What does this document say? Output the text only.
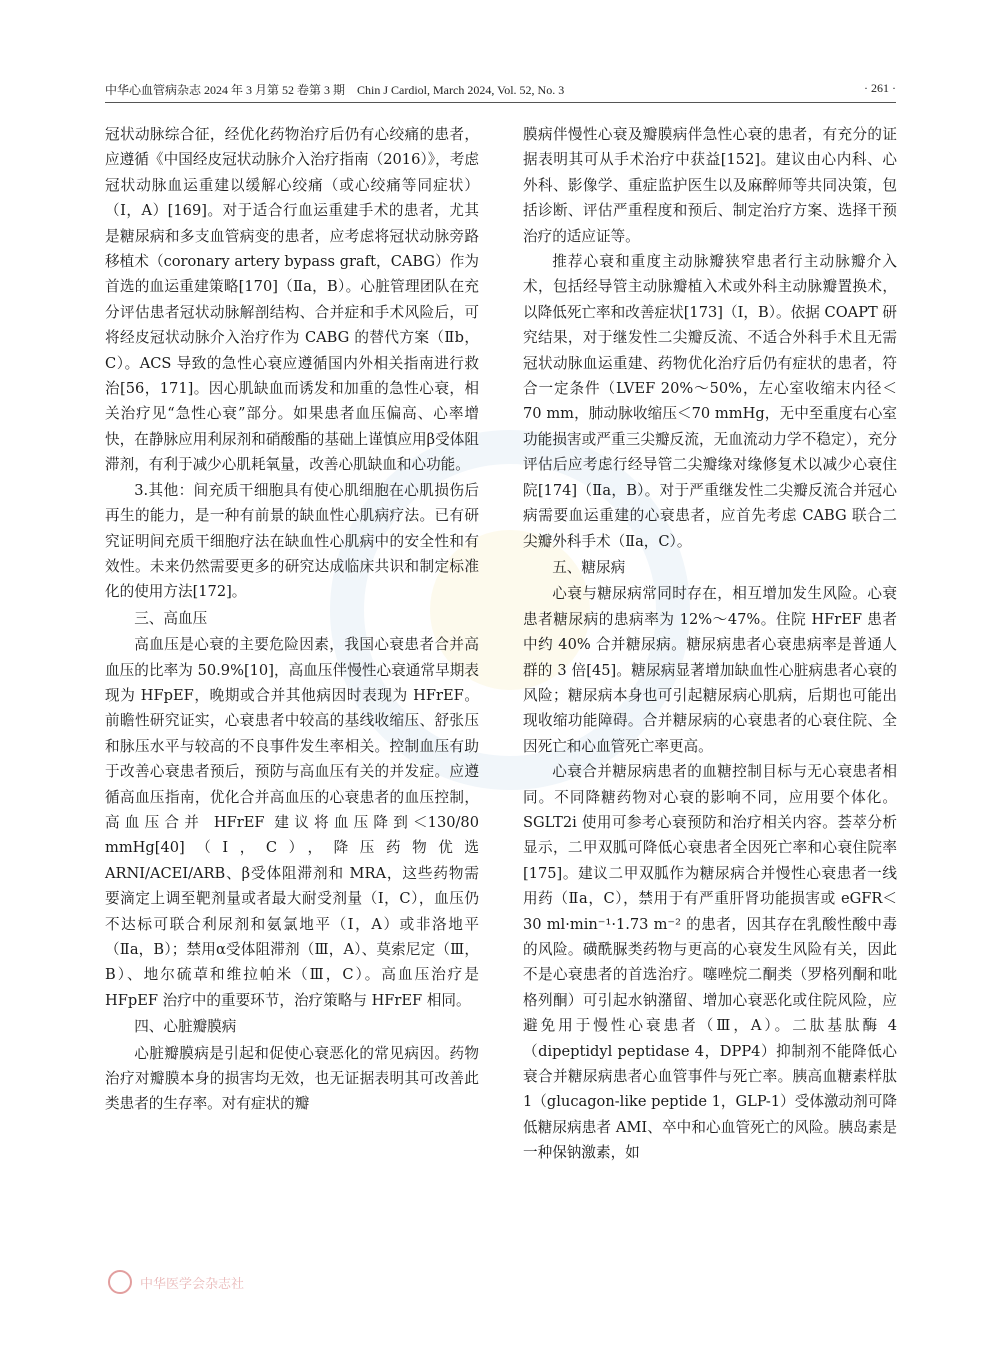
中华心血管病杂志 2024 年 3 月第 52 卷第 3 期　Chin J Cardiol, March 2024, Vol. 52, No. 3	· 261 ·

冠状动脉综合征，经优化药物治疗后仍有心绞痛的患者，应遵循《中国经皮冠状动脉介入治疗指南（2016）》，考虑冠状动脉血运重建以缓解心绞痛（或心绞痛等同症状）（Ⅰ，A）[169]。对于适合行血运重建手术的患者，尤其是糖尿病和多支血管病变的患者，应考虑将冠状动脉旁路移植术（coronary artery bypass graft，CABG）作为首选的血运重建策略[170]（Ⅱa，B）。心脏管理团队在充分评估患者冠状动脉解剖结构、合并症和手术风险后，可将经皮冠状动脉介入治疗作为 CABG 的替代方案（Ⅱb，C）。ACS 导致的急性心衰应遵循国内外相关指南进行救治[56，171]。因心肌缺血而诱发和加重的急性心衰，相关治疗见“急性心衰”部分。如果患者血压偏高、心率增快，在静脉应用利尿剂和硝酸酯的基础上谨慎应用β受体阻滞剂，有利于减少心肌耗氧量，改善心肌缺血和心功能。

3.其他：间充质干细胞具有使心肌细胞在心肌损伤后再生的能力，是一种有前景的缺血性心肌病疗法。已有研究证明间充质干细胞疗法在缺血性心肌病中的安全性和有效性。未来仍然需要更多的研究达成临床共识和制定标准化的使用方法[172]。

三、高血压

高血压是心衰的主要危险因素，我国心衰患者合并高血压的比率为 50.9%[10]，高血压伴慢性心衰通常早期表现为 HFpEF，晚期或合并其他病因时表现为 HFrEF。前瞻性研究证实，心衰患者中较高的基线收缩压、舒张压和脉压水平与较高的不良事件发生率相关。控制血压有助于改善心衰患者预后，预防与高血压有关的并发症。应遵循高血压指南，优化合并高血压的心衰患者的血压控制，高血压合并 HFrEF 建议将血压降到＜130/80 mmHg[40]（Ⅰ，C），降压药物优选 ARNI/ACEI/ARB、β受体阻滞剂和 MRA，这些药物需要滴定上调至靶剂量或者最大耐受剂量（Ⅰ，C），血压仍不达标可联合利尿剂和氨氯地平（Ⅰ，A）或非洛地平（Ⅱa，B）；禁用α受体阻滞剂（Ⅲ，A）、莫索尼定（Ⅲ，B）、地尔硫䓬和维拉帕米（Ⅲ，C）。高血压治疗是 HFpEF 治疗中的重要环节，治疗策略与 HFrEF 相同。

四、心脏瓣膜病

心脏瓣膜病是引起和促使心衰恶化的常见病因。药物治疗对瓣膜本身的损害均无效，也无证据表明其可改善此类患者的生存率。对有症状的瓣

膜病伴慢性心衰及瓣膜病伴急性心衰的患者，有充分的证据表明其可从手术治疗中获益[152]。建议由心内科、心外科、影像学、重症监护医生以及麻醉师等共同决策，包括诊断、评估严重程度和预后、制定治疗方案、选择干预治疗的适应证等。

推荐心衰和重度主动脉瓣狭窄患者行主动脉瓣介入术，包括经导管主动脉瓣植入术或外科主动脉瓣置换术，以降低死亡率和改善症状[173]（Ⅰ，B）。依据 COAPT 研究结果，对于继发性二尖瓣反流、不适合外科手术且无需冠状动脉血运重建、药物优化治疗后仍有症状的患者，符合一定条件（LVEF 20%～50%，左心室收缩末内径＜70 mm，肺动脉收缩压＜70 mmHg，无中至重度右心室功能损害或严重三尖瓣反流，无血流动力学不稳定），充分评估后应考虑行经导管二尖瓣缘对缘修复术以减少心衰住院[174]（Ⅱa，B）。对于严重继发性二尖瓣反流合并冠心病需要血运重建的心衰患者，应首先考虑 CABG 联合二尖瓣外科手术（Ⅱa，C）。

五、糖尿病

心衰与糖尿病常同时存在，相互增加发生风险。心衰患者糖尿病的患病率为 12%～47%。住院 HFrEF 患者中约 40% 合并糖尿病。糖尿病患者心衰患病率是普通人群的 3 倍[45]。糖尿病显著增加缺血性心脏病患者心衰的风险；糖尿病本身也可引起糖尿病心肌病，后期也可能出现收缩功能障碍。合并糖尿病的心衰患者的心衰住院、全因死亡和心血管死亡率更高。

心衰合并糖尿病患者的血糖控制目标与无心衰患者相同。不同降糖药物对心衰的影响不同，应用要个体化。SGLT2i 使用可参考心衰预防和治疗相关内容。荟萃分析显示，二甲双胍可降低心衰患者全因死亡率和心衰住院率[175]。建议二甲双胍作为糖尿病合并慢性心衰患者一线用药（Ⅱa，C），禁用于有严重肝肾功能损害或 eGFR＜30 ml·min⁻¹·1.73 m⁻² 的患者，因其存在乳酸性酸中毒的风险。磺酰脲类药物与更高的心衰发生风险有关，因此不是心衰患者的首选治疗。噻唑烷二酮类（罗格列酮和吡格列酮）可引起水钠潴留、增加心衰恶化或住院风险，应避免用于慢性心衰患者（Ⅲ，A）。二肽基肽酶 4（dipeptidyl peptidase 4，DPP4）抑制剂不能降低心衰合并糖尿病患者心血管事件与死亡率。胰高血糖素样肽 1（glucagon-like peptide 1，GLP-1）受体激动剂可降低糖尿病患者 AMI、卒中和心血管死亡的风险。胰岛素是一种保钠激素，如

中华医学会杂志社
